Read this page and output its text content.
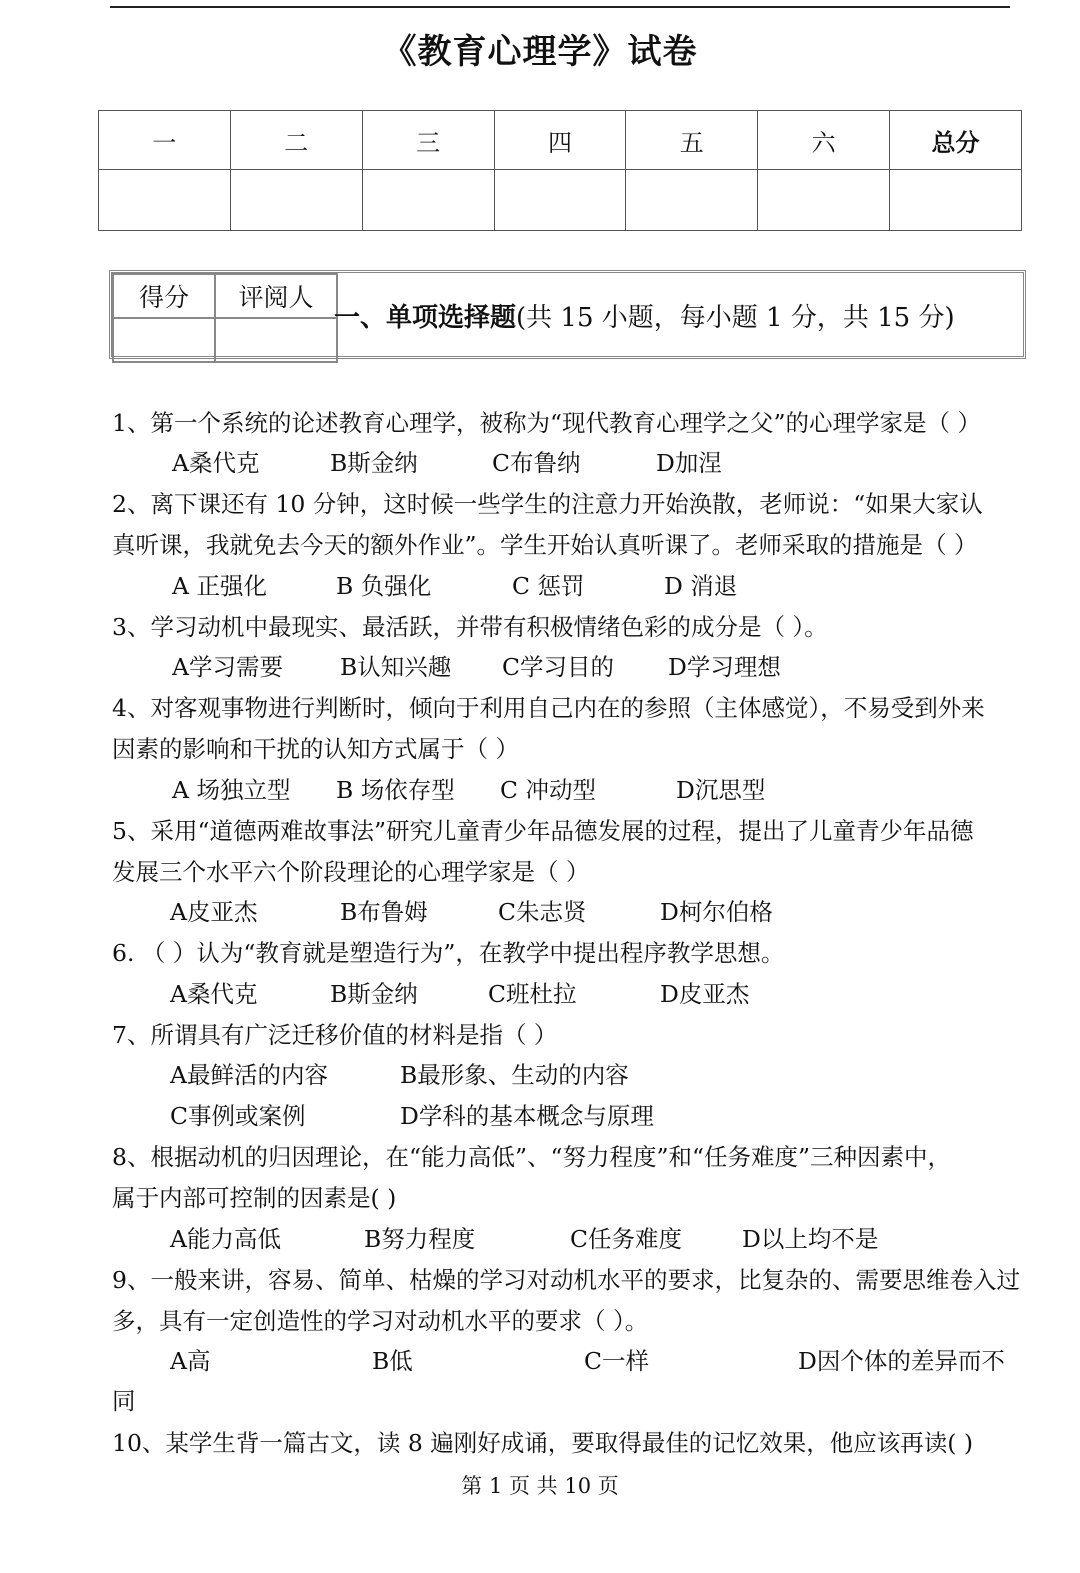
《教育心理学》试卷
一	二	三	四	五	六	总分

得分	评阅人

一、单项选择题(共 15 小题，每小题 1 分，共 15 分)
1、第一个系统的论述教育心理学，被称为“现代教育心理学之父”的心理学家是（ ）
A桑代克	B斯金纳	C布鲁纳	D加涅
2、离下课还有 10 分钟，这时候一些学生的注意力开始涣散，老师说：“如果大家认
真听课，我就免去今天的额外作业”。学生开始认真听课了。老师采取的措施是（ ）
A 正强化	B 负强化	C 惩罚	D 消退
3、学习动机中最现实、最活跃，并带有积极情绪色彩的成分是（ ）。
A学习需要 B认知兴趣 C学习目的 D学习理想
4、对客观事物进行判断时，倾向于利用自己内在的参照（主体感觉），不易受到外来
因素的影响和干扰的认知方式属于（ ）
A 场独立型 B 场依存型 C 冲动型	D沉思型
5、采用“道德两难故事法”研究儿童青少年品德发展的过程，提出了儿童青少年品德
发展三个水平六个阶段理论的心理学家是（ ）
A皮亚杰	B布鲁姆	C朱志贤	D柯尔伯格
6. （ ）认为“教育就是塑造行为”，在教学中提出程序教学思想。
A桑代克	B斯金纳	C班杜拉	D皮亚杰
7、所谓具有广泛迁移价值的材料是指（ ）
A最鲜活的内容	B最形象、生动的内容
C事例或案例	D学科的基本概念与原理
8、根据动机的归因理论，在“能力高低”、“努力程度”和“任务难度”三种因素中，
属于内部可控制的因素是( )
A能力高低	B努力程度	C任务难度	D以上均不是
9、一般来讲，容易、简单、枯燥的学习对动机水平的要求，比复杂的、需要思维卷入过
多，具有一定创造性的学习对动机水平的要求（ ）。
A高	B低	C一样	D因个体的差异而不
同
10、某学生背一篇古文，读 8 遍刚好成诵，要取得最佳的记忆效果，他应该再读( )
第 1 页 共 10 页
